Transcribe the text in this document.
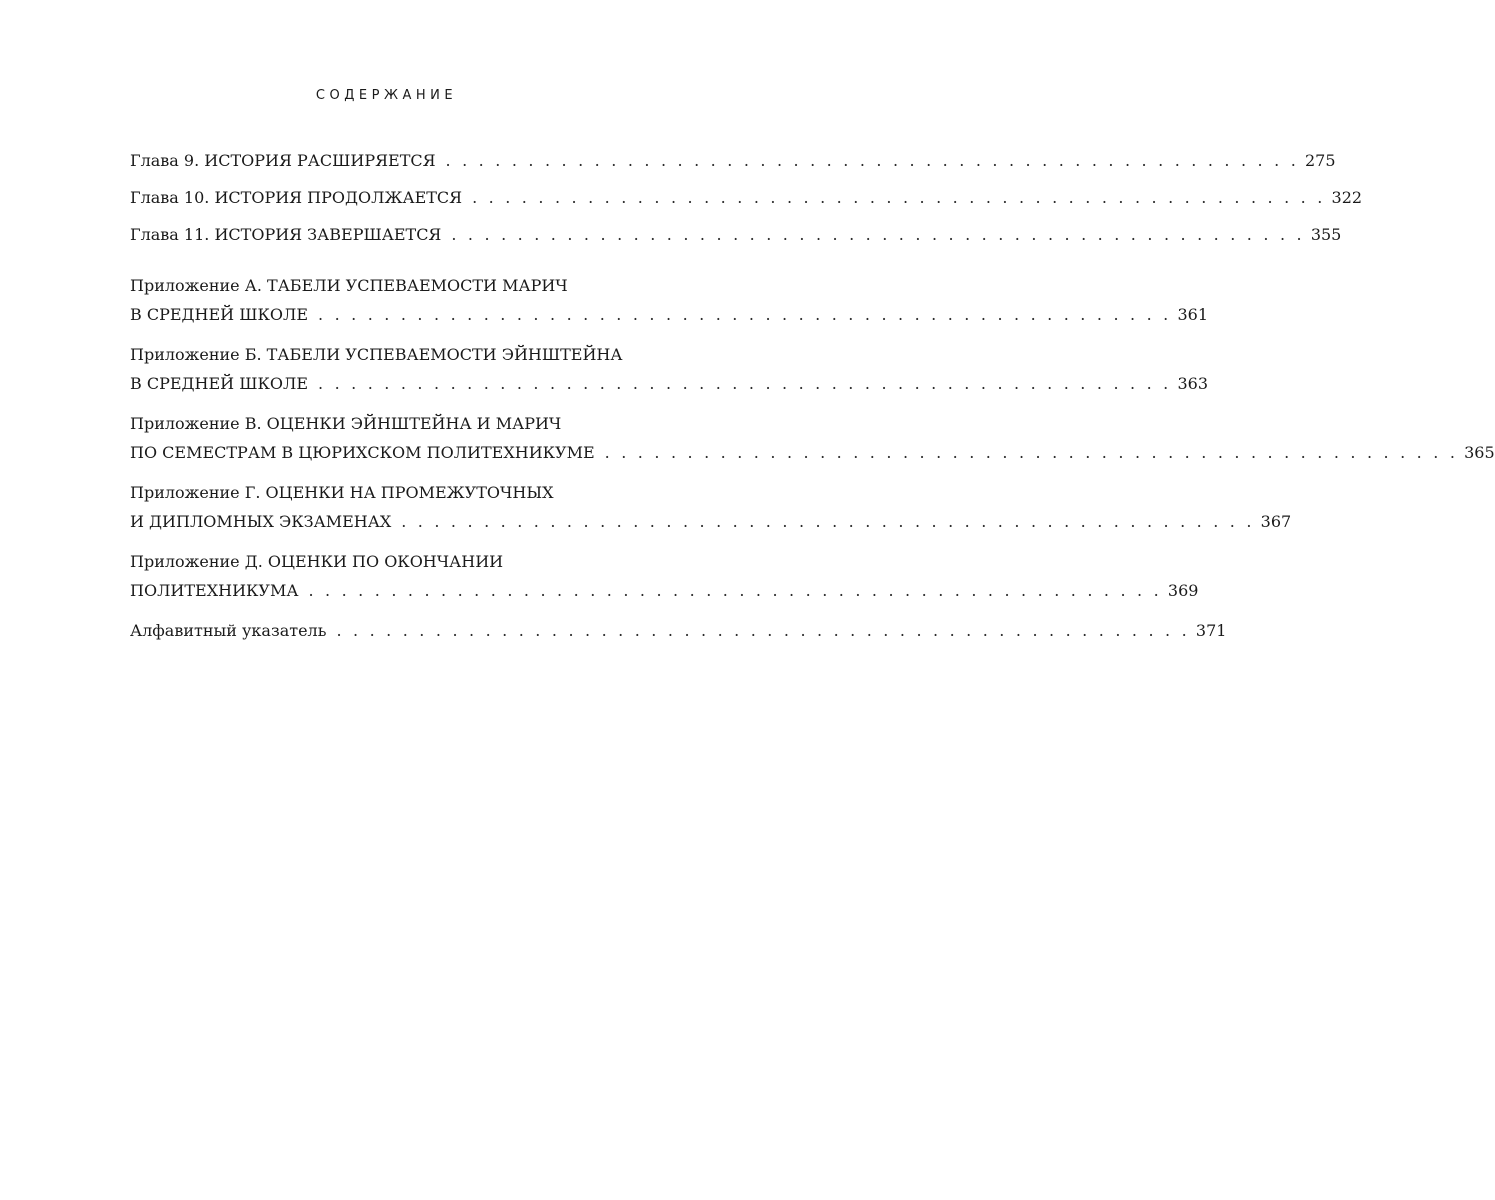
СОДЕРЖАНИЕ
Глава 9. ИСТОРИЯ РАСШИРЯЕТСЯ . . . . . . . . . . . . . . . . . . . . . . . . . . . . . . . . . . . . . . . . . . . . . . . . . . . . 275
Глава 10. ИСТОРИЯ ПРОДОЛЖАЕТСЯ . . . . . . . . . . . . . . . . . . . . . . . . . . . . . . . . . . . . . . . . . . . . . . . . . . . . 322
Глава 11. ИСТОРИЯ ЗАВЕРШАЕТСЯ . . . . . . . . . . . . . . . . . . . . . . . . . . . . . . . . . . . . . . . . . . . . . . . . . . . . 355
Приложение А. ТАБЕЛИ УСПЕВАЕМОСТИ МАРИЧ
В СРЕДНЕЙ ШКОЛЕ . . . . . . . . . . . . . . . . . . . . . . . . . . . . . . . . . . . . . . . . . . . . . . . . . . . . 361
Приложение Б. ТАБЕЛИ УСПЕВАЕМОСТИ ЭЙНШТЕЙНА
В СРЕДНЕЙ ШКОЛЕ . . . . . . . . . . . . . . . . . . . . . . . . . . . . . . . . . . . . . . . . . . . . . . . . . . . . 363
Приложение В. ОЦЕНКИ ЭЙНШТЕЙНА И МАРИЧ
ПО СЕМЕСТРАМ В ЦЮРИХСКОМ ПОЛИТЕХНИКУМЕ . . . . . . . . . . . . . . . . . . . . . . . . . . . . . . . . . . . . . . . . . . . . . . . . . . . . 365
Приложение Г. ОЦЕНКИ НА ПРОМЕЖУТОЧНЫХ
И ДИПЛОМНЫХ ЭКЗАМЕНАХ . . . . . . . . . . . . . . . . . . . . . . . . . . . . . . . . . . . . . . . . . . . . . . . . . . . . 367
Приложение Д. ОЦЕНКИ ПО ОКОНЧАНИИ
ПОЛИТЕХНИКУМА . . . . . . . . . . . . . . . . . . . . . . . . . . . . . . . . . . . . . . . . . . . . . . . . . . . . 369
Алфавитный указатель . . . . . . . . . . . . . . . . . . . . . . . . . . . . . . . . . . . . . . . . . . . . . . . . . . . . 371
